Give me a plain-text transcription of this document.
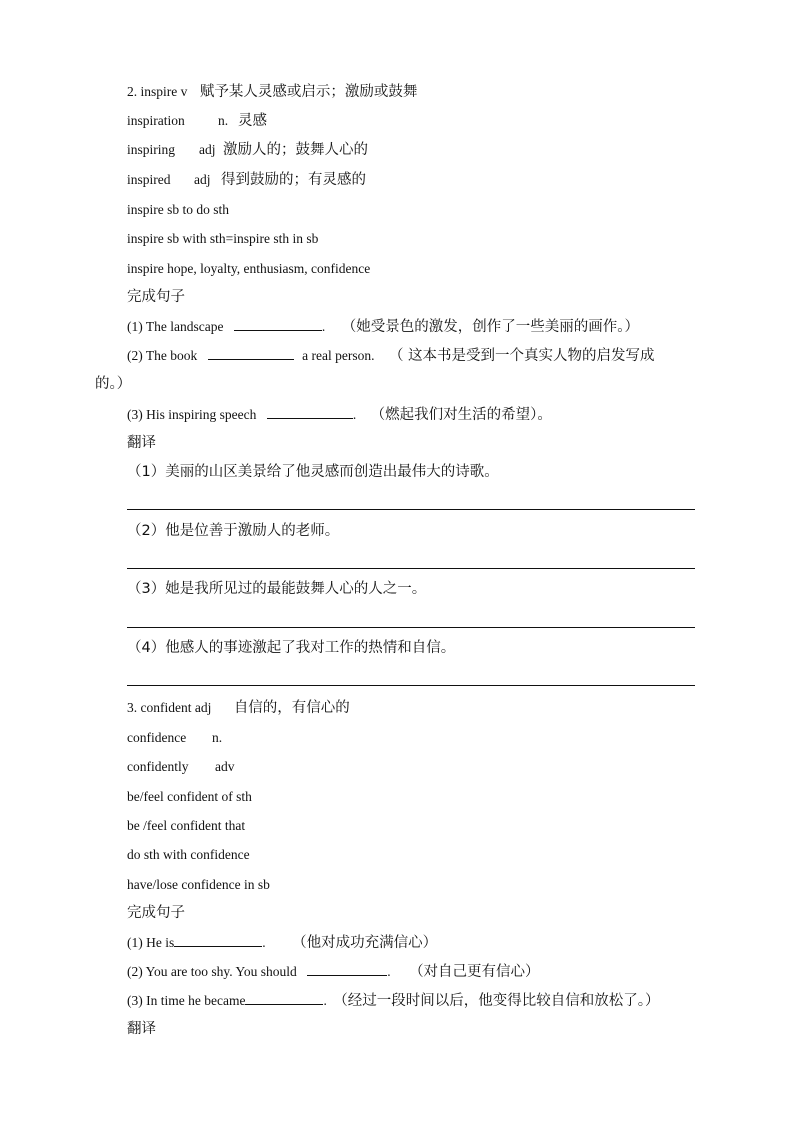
2. inspire v 赋予某人灵感或启示；激励或鼓舞
inspiration n. 灵感
inspiring adj 激励人的；鼓舞人心的
inspired adj 得到鼓励的；有灵感的
inspire sb to do sth
inspire sb with sth=inspire sth in sb
inspire hope, loyalty, enthusiasm, confidence
完成句子
(1) The landscape	. （她受景色的激发，创作了一些美丽的画作。）
(2) The book	a real person. （ 这本书是受到一个真实人物的启发写成
的。）
(3) His inspiring speech	. （燃起我们对生活的希望）。
翻译
（1）美丽的山区美景给了他灵感而创造出最伟大的诗歌。
（2）他是位善于激励人的老师。
（3）她是我所见过的最能鼓舞人心的人之一。
（4）他感人的事迹激起了我对工作的热情和自信。
3. confident adj 自信的，有信心的
confidence n.
confidently adv
be/feel confident of sth
be /feel confident that
do sth with confidence
have/lose confidence in sb
完成句子
(1) He is	. （他对成功充满信心）
(2) You are too shy. You should	. （对自己更有信心）
(3) In time he became	. （经过一段时间以后，他变得比较自信和放松了。）
翻译
